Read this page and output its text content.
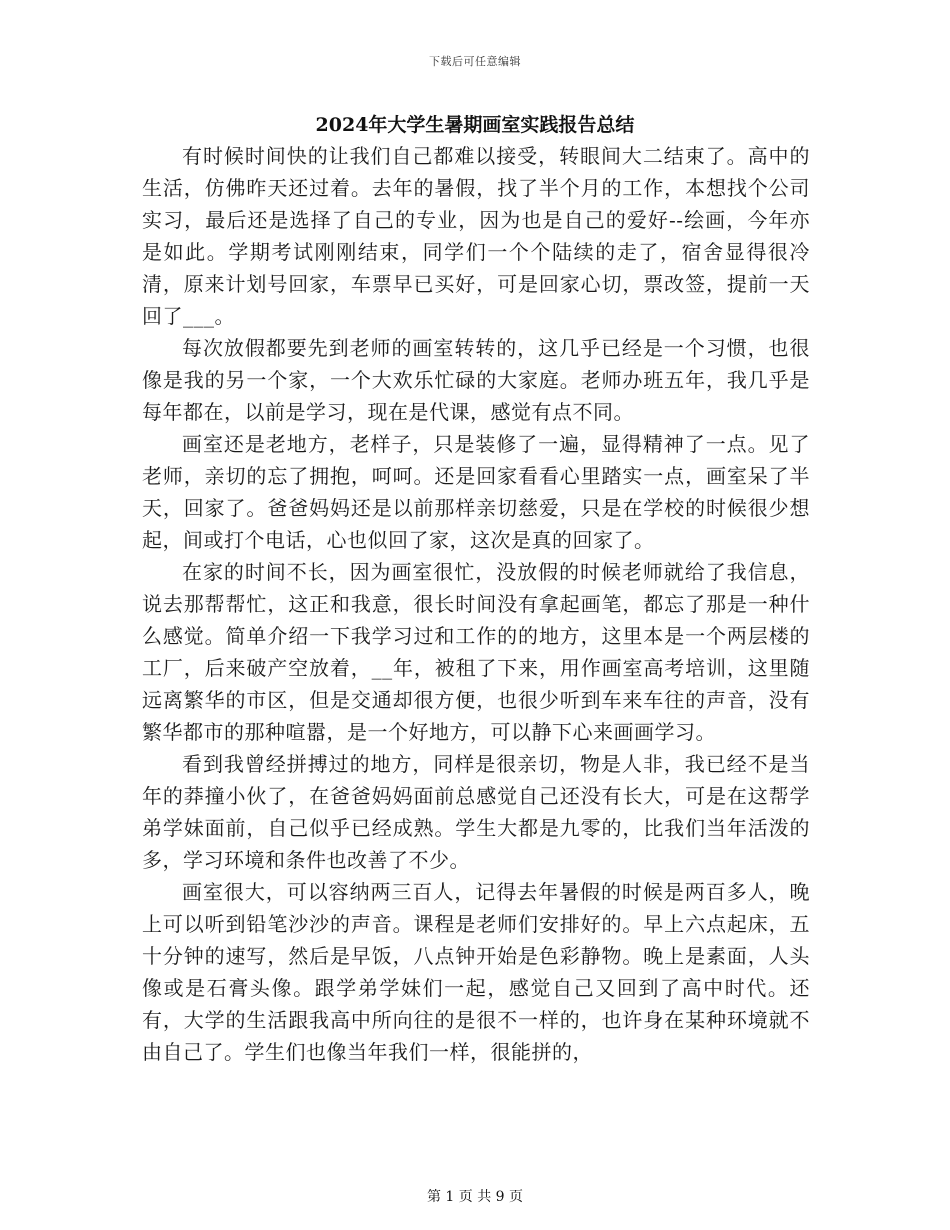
下载后可任意编辑
2024年大学生暑期画室实践报告总结

有时候时间快的让我们自己都难以接受，转眼间大二结束了。高中的生活，仿佛昨天还过着。去年的暑假，找了半个月的工作，本想找个公司实习，最后还是选择了自己的专业，因为也是自己的爱好--绘画，今年亦是如此。学期考试刚刚结束，同学们一个个陆续的走了，宿舍显得很冷清，原来计划号回家，车票早已买好，可是回家心切，票改签，提前一天回了___。

每次放假都要先到老师的画室转转的，这几乎已经是一个习惯，也很像是我的另一个家，一个大欢乐忙碌的大家庭。老师办班五年，我几乎是每年都在，以前是学习，现在是代课，感觉有点不同。

画室还是老地方，老样子，只是装修了一遍，显得精神了一点。见了老师，亲切的忘了拥抱，呵呵。还是回家看看心里踏实一点，画室呆了半天，回家了。爸爸妈妈还是以前那样亲切慈爱，只是在学校的时候很少想起，间或打个电话，心也似回了家，这次是真的回家了。

在家的时间不长，因为画室很忙，没放假的时候老师就给了我信息，说去那帮帮忙，这正和我意，很长时间没有拿起画笔，都忘了那是一种什么感觉。简单介绍一下我学习过和工作的的地方，这里本是一个两层楼的工厂，后来破产空放着，__年，被租了下来，用作画室高考培训，这里随远离繁华的市区，但是交通却很方便，也很少听到车来车往的声音，没有繁华都市的那种喧嚣，是一个好地方，可以静下心来画画学习。

看到我曾经拼搏过的地方，同样是很亲切，物是人非，我已经不是当年的莽撞小伙了，在爸爸妈妈面前总感觉自己还没有长大，可是在这帮学弟学妹面前，自己似乎已经成熟。学生大都是九零的，比我们当年活泼的多，学习环境和条件也改善了不少。

画室很大，可以容纳两三百人，记得去年暑假的时候是两百多人，晚上可以听到铅笔沙沙的声音。课程是老师们安排好的。早上六点起床，五十分钟的速写，然后是早饭，八点钟开始是色彩静物。晚上是素面，人头像或是石膏头像。跟学弟学妹们一起，感觉自己又回到了高中时代。还有，大学的生活跟我高中所向往的是很不一样的，也许身在某种环境就不由自己了。学生们也像当年我们一样，很能拼的，

第 1 页 共 9 页
